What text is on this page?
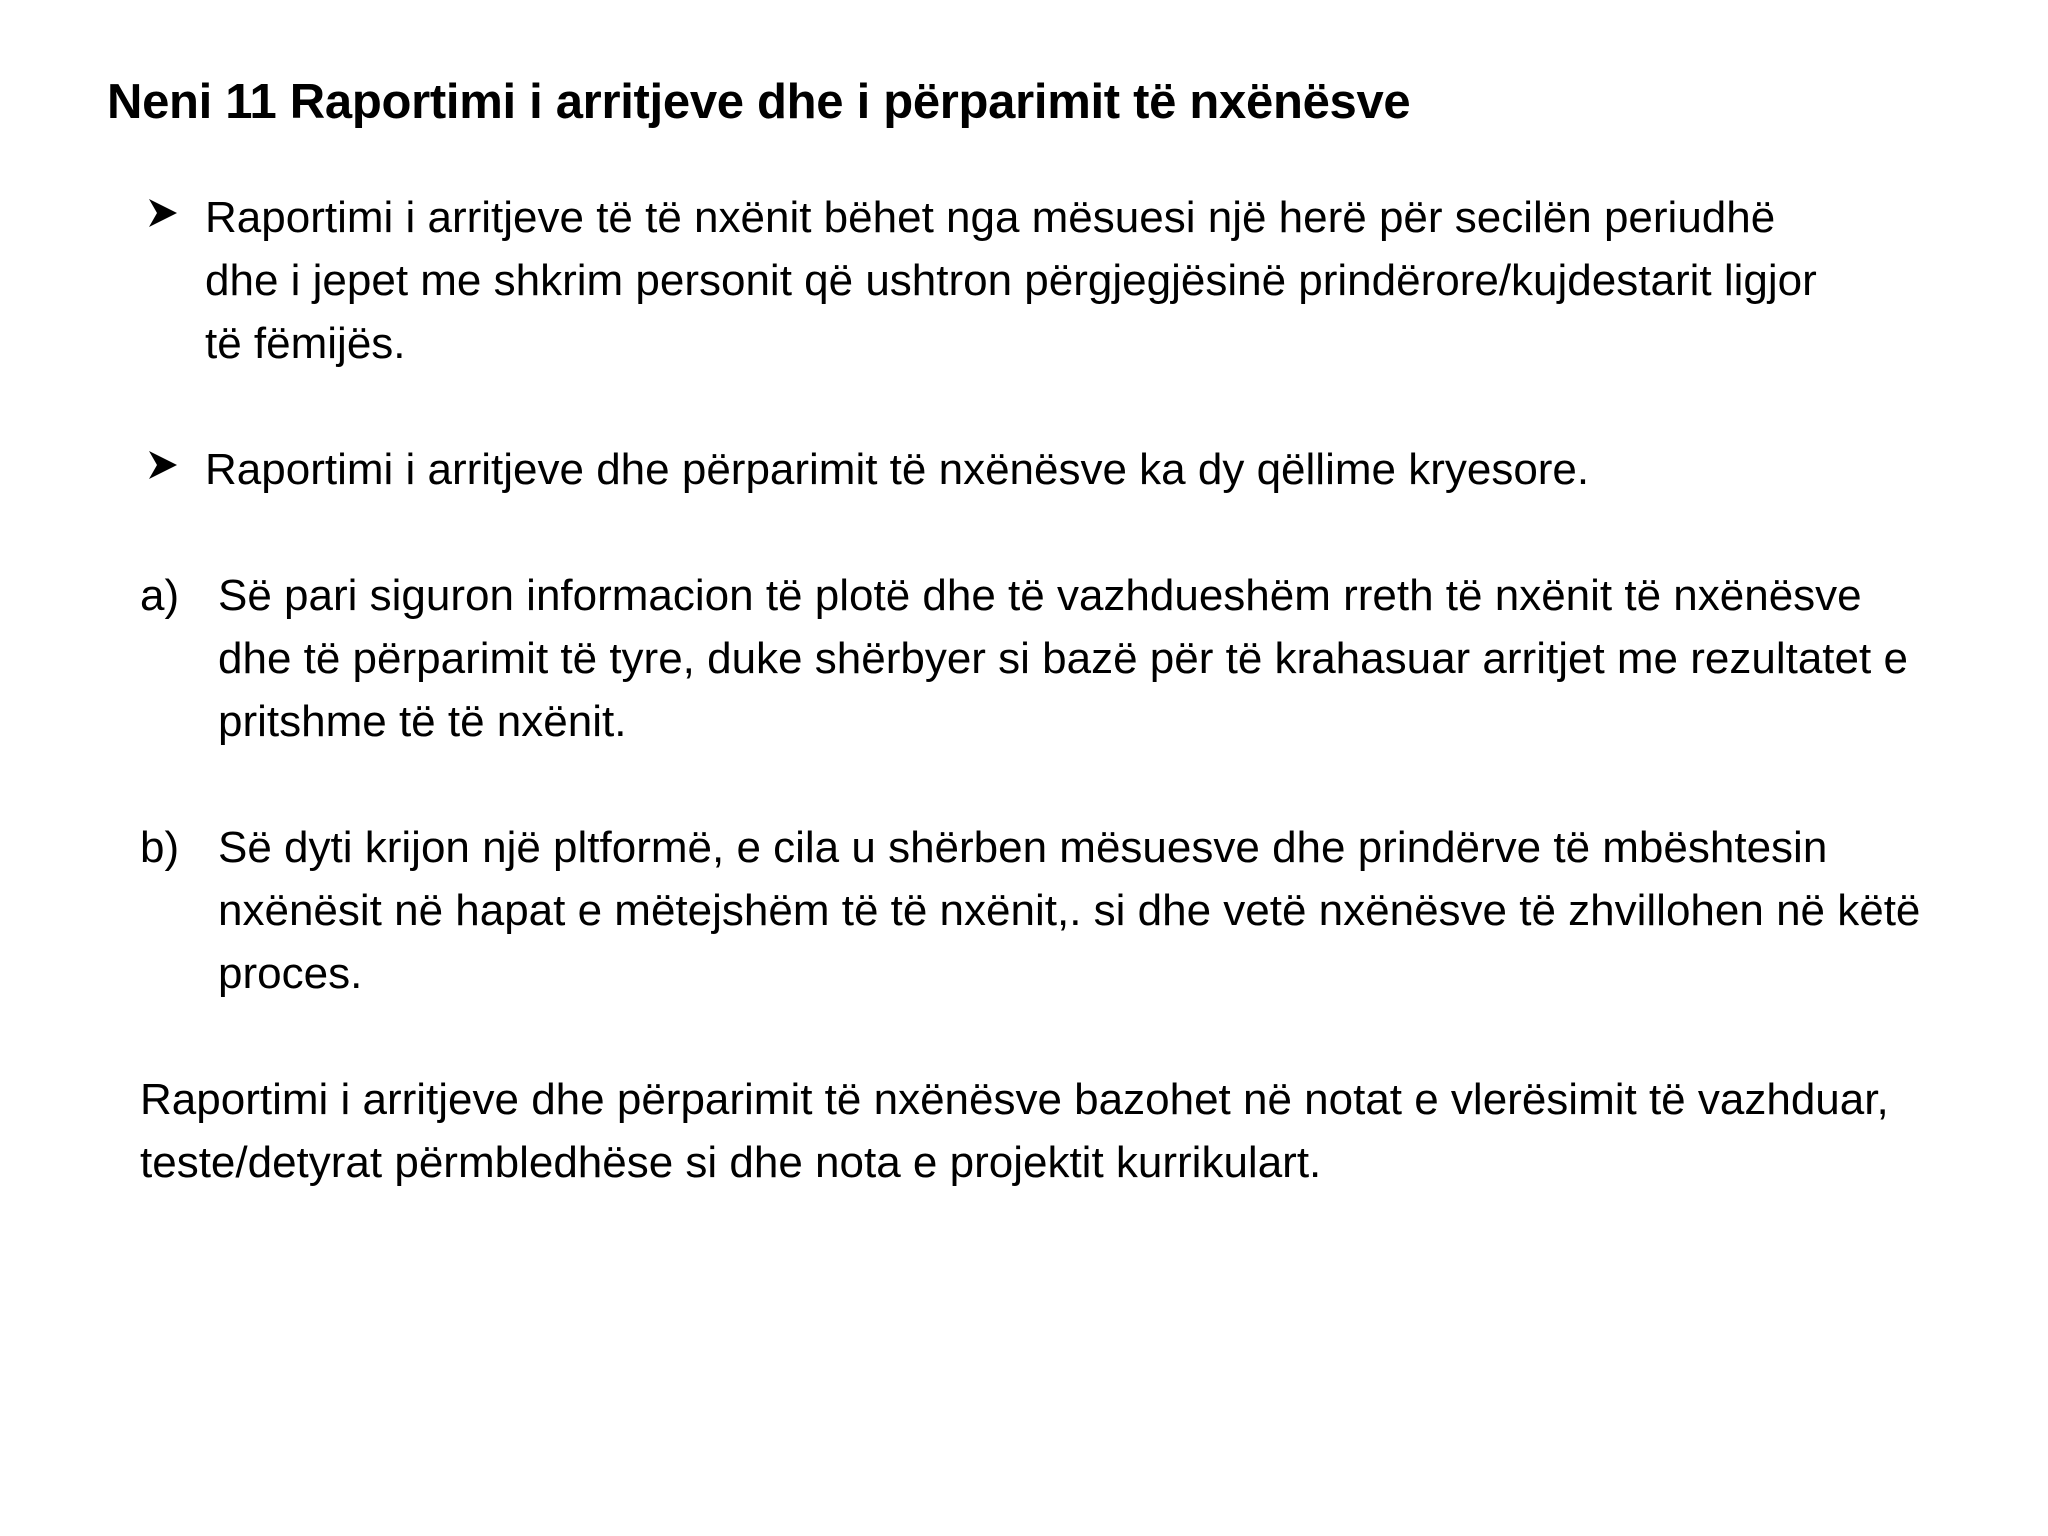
Neni 11 Raportimi i arritjeve dhe i përparimit të nxënësve

Raportimi i arritjeve të të nxënit bëhet nga mësuesi një herë për secilën periudhë dhe i jepet me shkrim personit që ushtron përgjegjësinë prindërore/kujdestarit ligjor të fëmijës.

Raportimi i arritjeve dhe përparimit të nxënësve ka dy qëllime kryesore.

a) Së pari siguron informacion të plotë dhe të vazhdueshëm rreth të nxënit të nxënësve dhe të përparimit të tyre, duke shërbyer si bazë për të krahasuar arritjet me rezultatet e pritshme të të nxënit.

b) Së dyti krijon një pltformë, e cila u shërben mësuesve dhe prindërve të mbështesin nxënësit në hapat e mëtejshëm të të nxënit,. si dhe vetë nxënësve të zhvillohen në këtë proces.

Raportimi i arritjeve dhe përparimit të nxënësve bazohet në notat e vlerësimit të vazhduar, teste/detyrat përmbledhëse si dhe nota e projektit kurrikulart.
